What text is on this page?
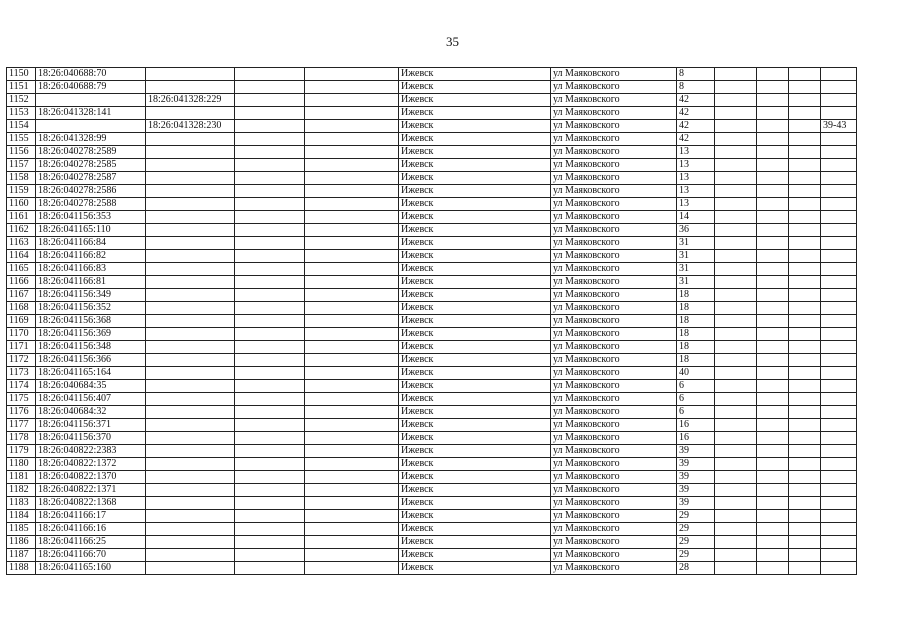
35
1150	18:26:040688:70				Ижевск	ул Маяковского	8				
1151	18:26:040688:79				Ижевск	ул Маяковского	8				
1152		18:26:041328:229			Ижевск	ул Маяковского	42				
1153	18:26:041328:141				Ижевск	ул Маяковского	42				
1154		18:26:041328:230			Ижевск	ул Маяковского	42				39-43
1155	18:26:041328:99				Ижевск	ул Маяковского	42				
1156	18:26:040278:2589				Ижевск	ул Маяковского	13				
1157	18:26:040278:2585				Ижевск	ул Маяковского	13				
1158	18:26:040278:2587				Ижевск	ул Маяковского	13				
1159	18:26:040278:2586				Ижевск	ул Маяковского	13				
1160	18:26:040278:2588				Ижевск	ул Маяковского	13				
1161	18:26:041156:353				Ижевск	ул Маяковского	14				
1162	18:26:041165:110				Ижевск	ул Маяковского	36				
1163	18:26:041166:84				Ижевск	ул Маяковского	31				
1164	18:26:041166:82				Ижевск	ул Маяковского	31				
1165	18:26:041166:83				Ижевск	ул Маяковского	31				
1166	18:26:041166:81				Ижевск	ул Маяковского	31				
1167	18:26:041156:349				Ижевск	ул Маяковского	18				
1168	18:26:041156:352				Ижевск	ул Маяковского	18				
1169	18:26:041156:368				Ижевск	ул Маяковского	18				
1170	18:26:041156:369				Ижевск	ул Маяковского	18				
1171	18:26:041156:348				Ижевск	ул Маяковского	18				
1172	18:26:041156:366				Ижевск	ул Маяковского	18				
1173	18:26:041165:164				Ижевск	ул Маяковского	40				
1174	18:26:040684:35				Ижевск	ул Маяковского	6				
1175	18:26:041156:407				Ижевск	ул Маяковского	6				
1176	18:26:040684:32				Ижевск	ул Маяковского	6				
1177	18:26:041156:371				Ижевск	ул Маяковского	16				
1178	18:26:041156:370				Ижевск	ул Маяковского	16				
1179	18:26:040822:2383				Ижевск	ул Маяковского	39				
1180	18:26:040822:1372				Ижевск	ул Маяковского	39				
1181	18:26:040822:1370				Ижевск	ул Маяковского	39				
1182	18:26:040822:1371				Ижевск	ул Маяковского	39				
1183	18:26:040822:1368				Ижевск	ул Маяковского	39				
1184	18:26:041166:17				Ижевск	ул Маяковского	29				
1185	18:26:041166:16				Ижевск	ул Маяковского	29				
1186	18:26:041166:25				Ижевск	ул Маяковского	29				
1187	18:26:041166:70				Ижевск	ул Маяковского	29				
1188	18:26:041165:160				Ижевск	ул Маяковского	28				
